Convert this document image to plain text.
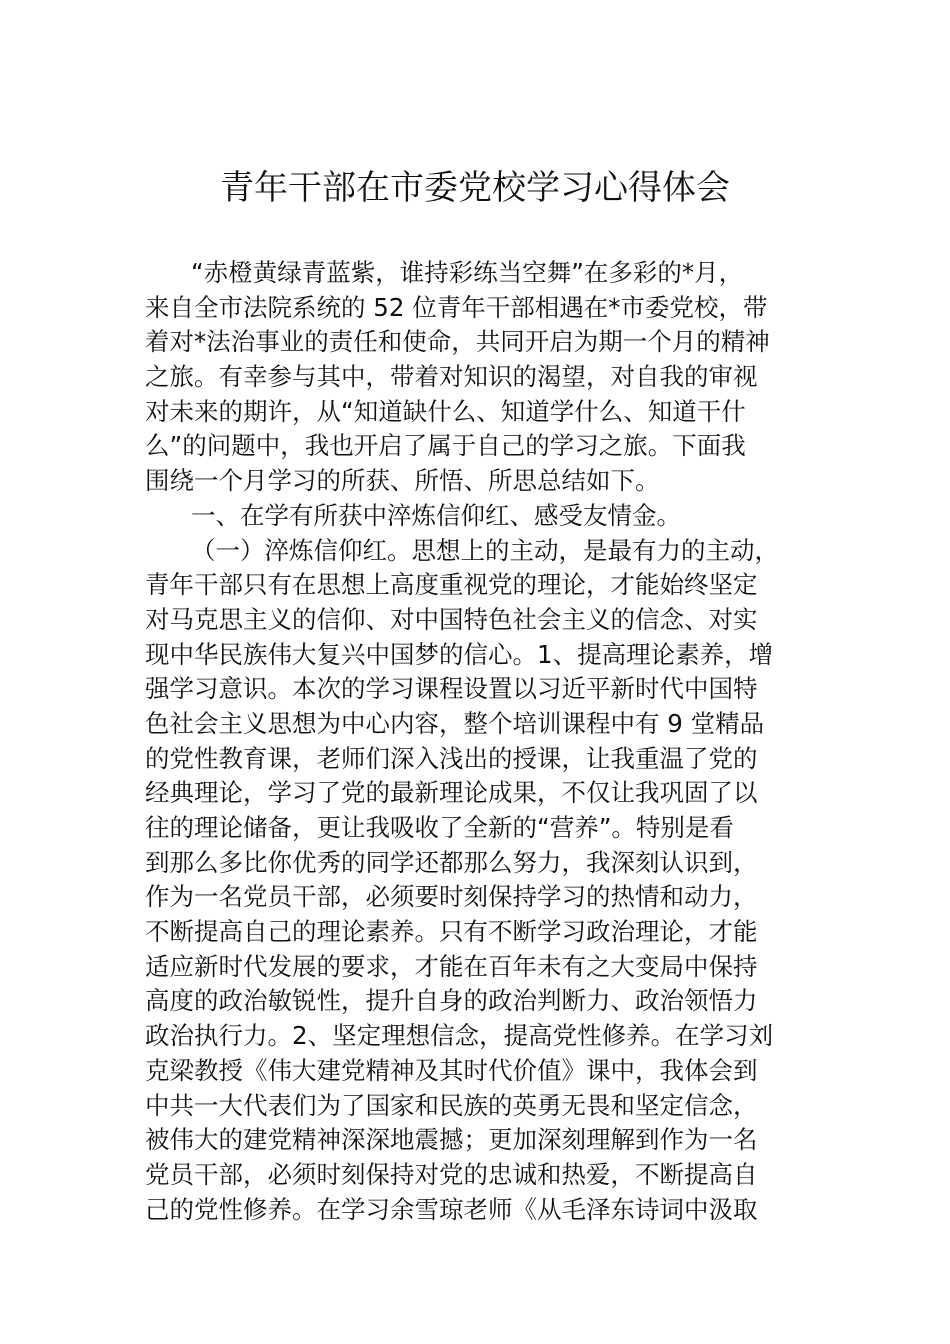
青年干部在市委党校学习心得体会
“赤橙黄绿青蓝紫，谁持彩练当空舞”在多彩的*月，
来自全市法院系统的 52 位青年干部相遇在*市委党校，带
着对*法治事业的责任和使命，共同开启为期一个月的精神
之旅。有幸参与其中，带着对知识的渴望，对自我的审视
对未来的期许，从“知道缺什么、知道学什么、知道干什
么”的问题中，我也开启了属于自己的学习之旅。下面我
围绕一个月学习的所获、所悟、所思总结如下。
一、在学有所获中淬炼信仰红、感受友情金。
（一）淬炼信仰红。思想上的主动，是最有力的主动，
青年干部只有在思想上高度重视党的理论，才能始终坚定
对马克思主义的信仰、对中国特色社会主义的信念、对实
现中华民族伟大复兴中国梦的信心。1、提高理论素养，增
强学习意识。本次的学习课程设置以习近平新时代中国特
色社会主义思想为中心内容，整个培训课程中有 9 堂精品
的党性教育课，老师们深入浅出的授课，让我重温了党的
经典理论，学习了党的最新理论成果，不仅让我巩固了以
往的理论储备，更让我吸收了全新的“营养”。特别是看
到那么多比你优秀的同学还都那么努力，我深刻认识到，
作为一名党员干部，必须要时刻保持学习的热情和动力，
不断提高自己的理论素养。只有不断学习政治理论，才能
适应新时代发展的要求，才能在百年未有之大变局中保持
高度的政治敏锐性，提升自身的政治判断力、政治领悟力
政治执行力。2、坚定理想信念，提高党性修养。在学习刘
克梁教授《伟大建党精神及其时代价值》课中，我体会到
中共一大代表们为了国家和民族的英勇无畏和坚定信念，
被伟大的建党精神深深地震撼；更加深刻理解到作为一名
党员干部，必须时刻保持对党的忠诚和热爱，不断提高自
己的党性修养。在学习余雪琼老师《从毛泽东诗词中汲取
